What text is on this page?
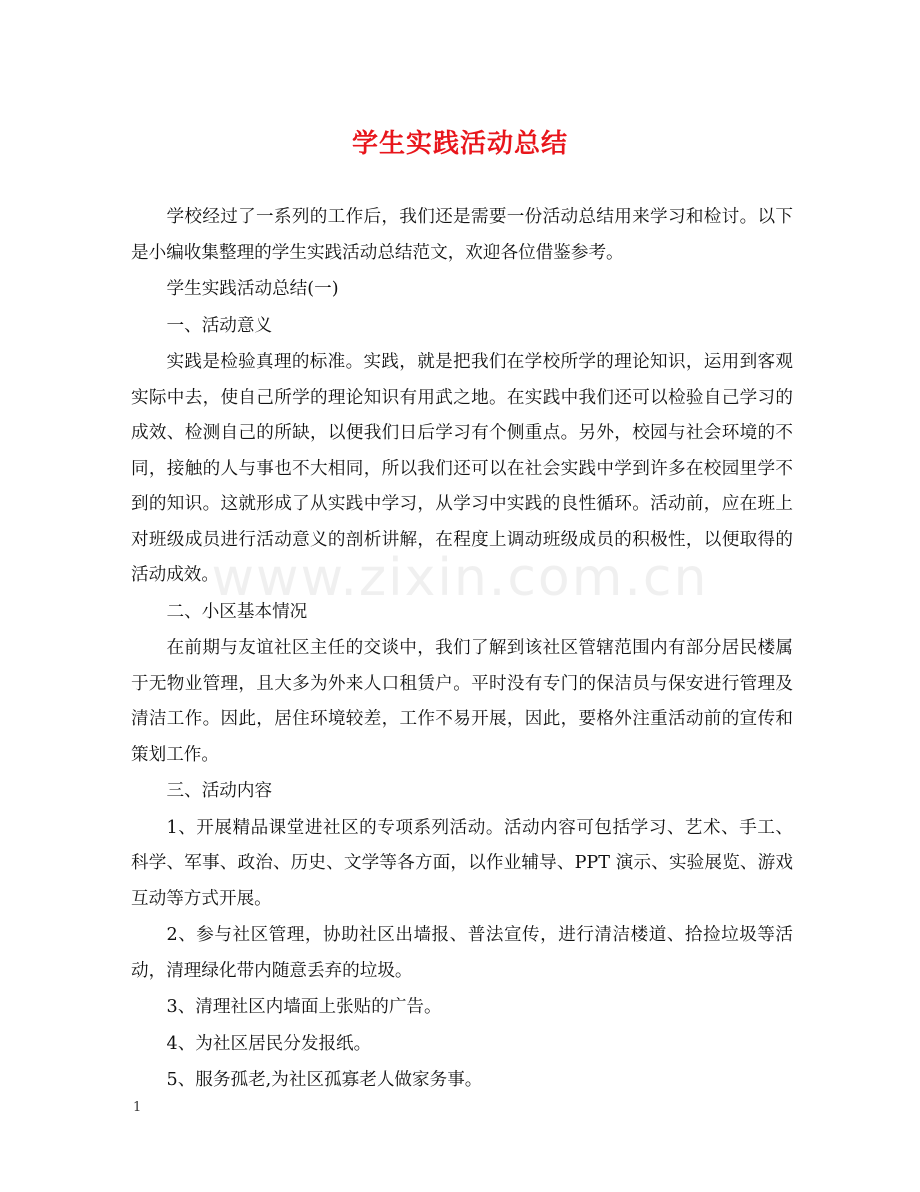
学生实践活动总结

学校经过了一系列的工作后，我们还是需要一份活动总结用来学习和检讨。以下是小编收集整理的学生实践活动总结范文，欢迎各位借鉴参考。

学生实践活动总结(一)

一、活动意义

实践是检验真理的标准。实践，就是把我们在学校所学的理论知识，运用到客观实际中去，使自己所学的理论知识有用武之地。在实践中我们还可以检验自己学习的成效、检测自己的所缺，以便我们日后学习有个侧重点。另外，校园与社会环境的不同，接触的人与事也不大相同，所以我们还可以在社会实践中学到许多在校园里学不到的知识。这就形成了从实践中学习，从学习中实践的良性循环。活动前，应在班上对班级成员进行活动意义的剖析讲解，在程度上调动班级成员的积极性，以便取得的活动成效。

二、小区基本情况

在前期与友谊社区主任的交谈中，我们了解到该社区管辖范围内有部分居民楼属于无物业管理，且大多为外来人口租赁户。平时没有专门的保洁员与保安进行管理及清洁工作。因此，居住环境较差，工作不易开展，因此，要格外注重活动前的宣传和策划工作。

三、活动内容

1、开展精品课堂进社区的专项系列活动。活动内容可包括学习、艺术、手工、科学、军事、政治、历史、文学等各方面，以作业辅导、PPT 演示、实验展览、游戏互动等方式开展。

2、参与社区管理，协助社区出墙报、普法宣传，进行清洁楼道、拾捡垃圾等活动，清理绿化带内随意丢弃的垃圾。

3、清理社区内墙面上张贴的广告。

4、为社区居民分发报纸。

5、服务孤老,为社区孤寡老人做家务事。

www.zixin.com.cn
1
